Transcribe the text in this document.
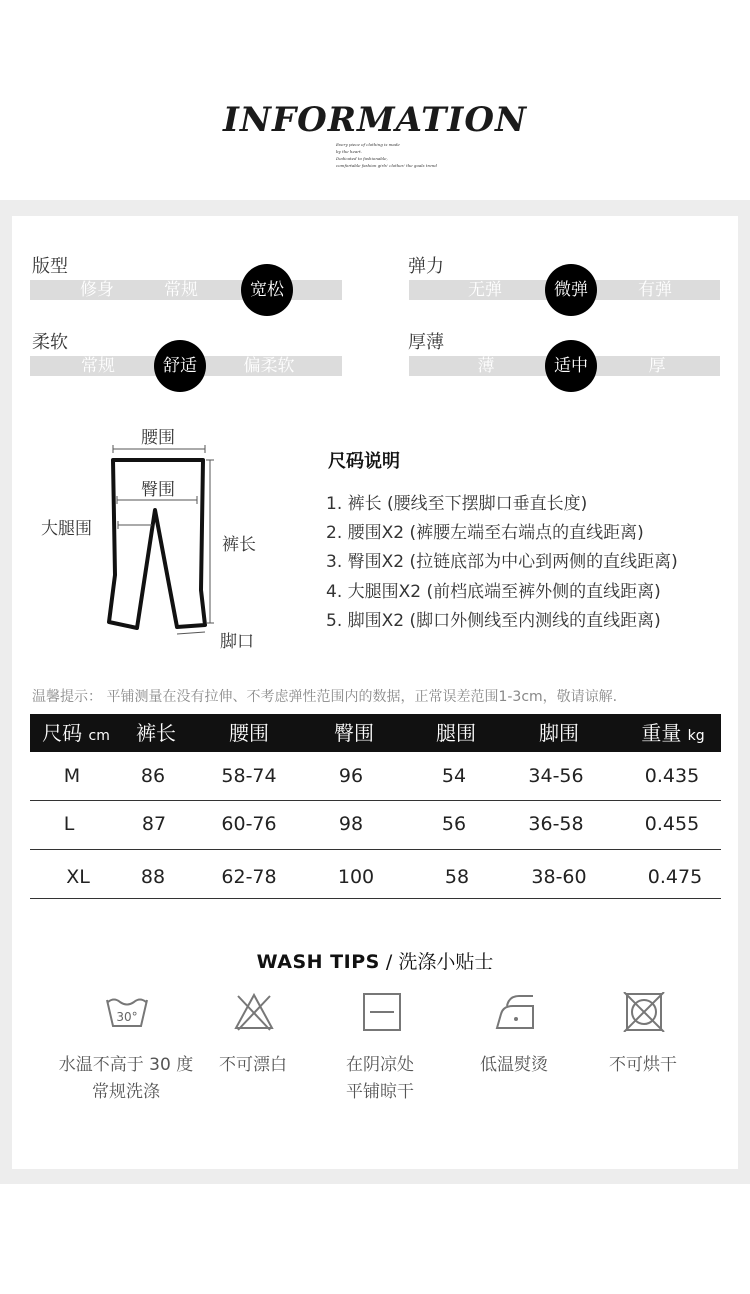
INFORMATION
Every piece of clothing is made
by the heart.
Dedicated to fashionable,
comfortable fashion girls' clothes' the goals trend
版型
修身	常规	宽松
弹力
无弹	微弹	有弹
柔软
常规	舒适	偏柔软
厚薄
薄	适中	厚
腰围
臀围
大腿围
裤长
脚口
尺码说明
1. 裤长 (腰线至下摆脚口垂直长度)
2. 腰围X2 (裤腰左端至右端点的直线距离)
3. 臀围X2 (拉链底部为中心到两侧的直线距离)
4. 大腿围X2 (前档底端至裤外侧的直线距离)
5. 脚围X2 (脚口外侧线至内测线的直线距离)
温馨提示： 平铺测量在没有拉伸、不考虑弹性范围内的数据，正常误差范围1-3cm，敬请谅解.
尺码 cm 裤长	腰围	臀围	腿围	脚围	重量 kg
M	86	58-74	96	54	34-56	0.435
L	87	60-76	98	56	36-58	0.455
XL	88	62-78	100	58	38-60	0.475
WASH TIPS / 洗涤小贴士
30°
水温不高于 30 度
常规洗涤
不可漂白	在阴凉处
平铺晾干
低温熨烫	不可烘干
